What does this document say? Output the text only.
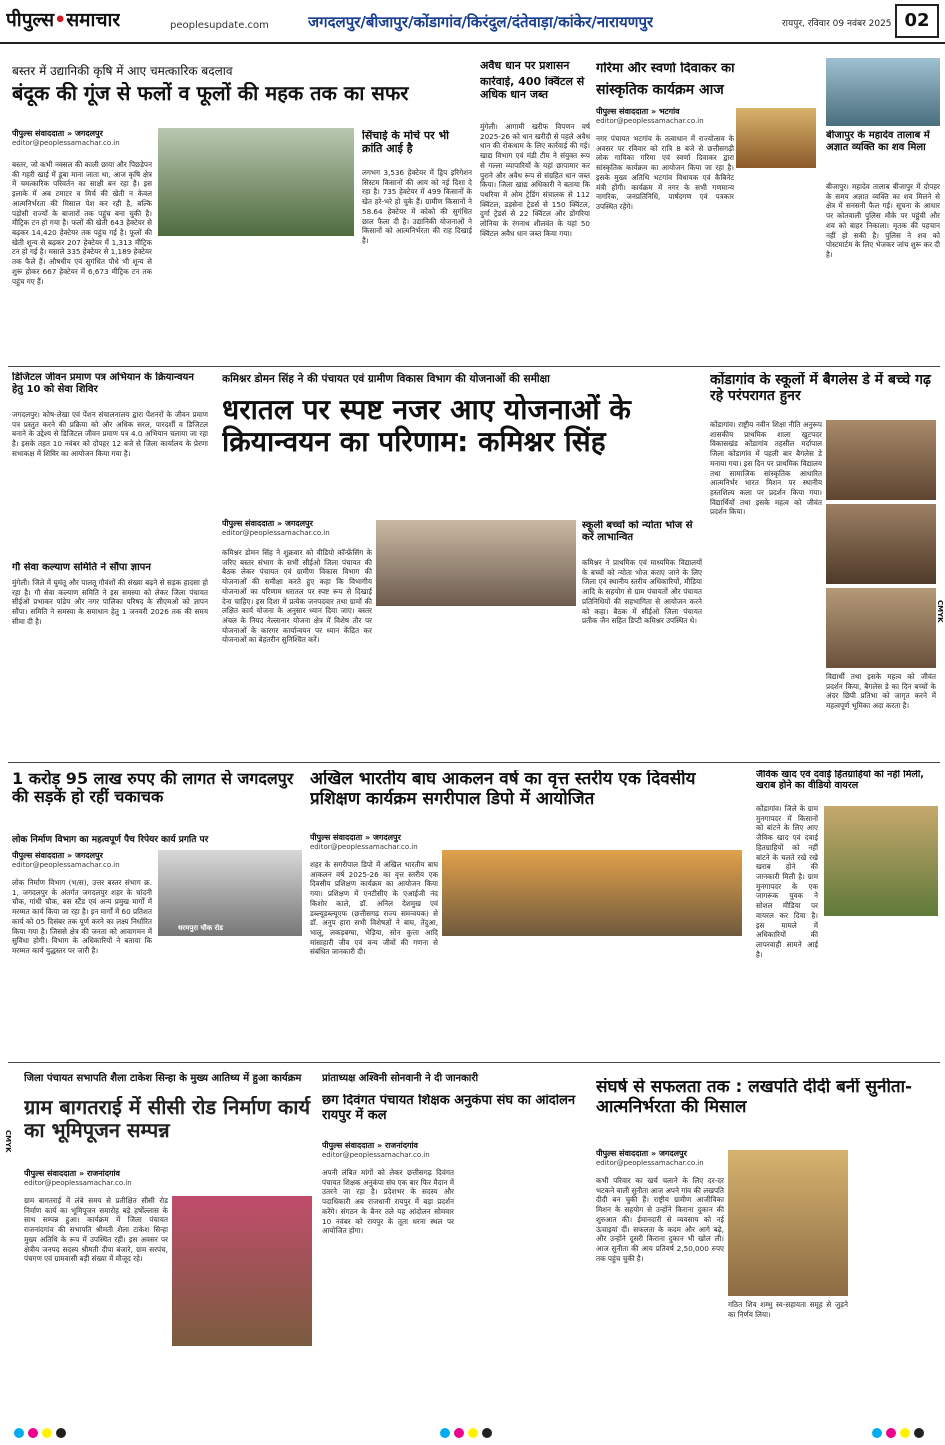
पीपुल्स•समाचार	peoplesupdate.com	जगदलपुर/बीजापुर/कोंडागांव/किरंदुल/दंतेवाड़ा/कांकेर/नारायणपुर	रायपुर, रविवार 09 नवंबर 2025 02
बस्तर में उद्यानिकी कृषि में आए चमत्कारिक बदलाव
बंदूक की गूंज से फलों व फूलों की महक तक का सफर
पीपुल्स संवाददाता » जगदलपुर
editor@peoplessamachar.co.in
बस्तर, जो कभी नक्सल की काली छाया और पिछड़ेपन की गहरी खाई में डूबा माना जाता था, आज कृषि क्षेत्र में चमत्कारिक परिवर्तन का साक्षी बन रहा है। इस इलाके में अब टमाटर व मिर्च की खेती न केवल आत्मनिर्भरता की मिसाल पेश कर रही है, बल्कि पड़ोसी राज्यों के बाजारों तक पहुंच बना चुकी है। मीट्रिक टन हो गया है। फलों की खेती 643 हेक्टेयर से बढ़कर 14,420 हेक्टेयर तक पहुंच गई है। फूलों की खेती शून्य से बढ़कर 207 हेक्टेयर में 1,313 मीट्रिक टन हो गई है। मसाले 335 हेक्टेयर से 1,189 हेक्टेयर तक फैले हैं। औषधीय एवं सुगंधित पौधे भी शून्य से शुरू होकर 667 हेक्टेयर में 6,673 मीट्रिक टन तक पहुंच गए हैं।
सिंचाई के मोर्चे पर भी क्रांति आई है
लगभग 3,536 हेक्टेयर में ड्रिप इरिगेशन सिस्टम किसानों की आय को नई दिशा दे रहा है। 735 हेक्टेयर में 499 किसानों के खेत हरे-भरे हो चुके हैं। ग्रामीण किसानों ने 58.64 हेक्टेयर में कोको की सुगंधित छाल फैला दी है। उद्यानिकी योजनाओं ने किसानों को आत्मनिर्भरता की राह दिखाई है।
अवैध धान पर प्रशासन
कार्रवाई, 400 क्विंटल से अधिक धान जब्त
मुंगेली। आगामी खरीफ विपणन वर्ष 2025-26 को धान खरीदी से पहले अवैध धान की रोकथाम के लिए कार्रवाई की गई। खाद्य विभाग एवं मंडी टीम ने संयुक्त रूप से गल्ला व्यापारियों के यहां छापामार कर पुराने और अवैध रूप से संग्रहित धान जब्त किया। जिला खाद्य अधिकारी ने बताया कि पथरिया में ओम ट्रेडिंग संचालक से 112 क्विंटल, डड़सेना ट्रेडर्स से 150 क्विंटल, दुर्गा ट्रेडर्स से 22 क्विंटल और डोंगरिया लोनिया के रंगनाथ शीलवंत के यहां 50 क्विंटल अवैध धान जब्त किया गया।
गरिमा और स्वर्णा दिवाकर का
सांस्कृतिक कार्यक्रम आज
पीपुल्स संवाददाता » भटगांव
editor@peoplessamachar.co.in
नगर पंचायत भटगांव के तत्वाधान में राज्योत्सव के अवसर पर रविवार को रात्रि 8 बजे से छत्तीसगढ़ी लोक गायिका गरिमा एवं स्वर्णा दिवाकर द्वारा सांस्कृतिक कार्यक्रम का आयोजन किया जा रहा है। इसके मुख्य अतिथि भटगांव विधायक एवं कैबिनेट मंत्री होंगी। कार्यक्रम में नगर के सभी गणमान्य नागरिक, जनप्रतिनिधि, पार्षदगण एवं पत्रकार उपस्थित रहेंगे।
बीजापुर के महादेव तालाब में अज्ञात व्यक्ति का शव मिला
बीजापुर। महादेव तालाब बीजापुर में दोपहर के समय अज्ञात व्यक्ति का शव मिलने से क्षेत्र में सनसनी फैल गई। सूचना के आधार पर कोतवाली पुलिस मौके पर पहुंची और शव को बाहर निकाला। मृतक की पहचान नहीं हो सकी है। पुलिस ने शव को पोस्टमार्टम के लिए भेजकर जांच शुरू कर दी है।
डिजिटल जीवन प्रमाण पत्र अभियान के क्रियान्वयन हेतु 10 को सेवा शिविर
जगदलपुर। कोष-लेखा एवं पेंशन संचालनालय द्वारा पेंशनरों के जीवन प्रमाण पत्र प्रस्तुत करने की प्रक्रिया को और अधिक सरल, पारदर्शी व डिजिटल बनाने के उद्देश्य से डिजिटल जीवन प्रमाण पत्र 4.0 अभियान चलाया जा रहा है। इसके तहत 10 नवंबर को दोपहर 12 बजे से जिला कार्यालय के प्रेरणा सभाकक्ष में शिविर का आयोजन किया गया है।
गौ सेवा कल्याण समिति ने सौंपा ज्ञापन
मुंगेली। जिले में घुमंतू और पालतू गौवंशों की संख्या बढ़ने से सड़क हादसा हो रहा है। गौ सेवा कल्याण समिति ने इस समस्या को लेकर जिला पंचायत सीईओ प्रभाकर पांडेय और नगर पालिका परिषद के सीएमओ को ज्ञापन सौंपा। समिति ने समस्या के समाधान हेतु 1 जनवरी 2026 तक की समय सीमा दी है।
कमिश्नर डोमन सिंह ने की पंचायत एवं ग्रामीण विकास विभाग की योजनाओं की समीक्षा
धरातल पर स्पष्ट नजर आए योजनाओं के क्रियान्वयन का परिणाम: कमिश्नर सिंह
पीपुल्स संवाददाता » जगदलपुर
editor@peoplessamachar.co.in
कमिश्नर डोमन सिंह ने शुक्रवार को वीडियो कॉन्फ्रेंसिंग के जरिए बस्तर संभाग के सभी सीईओ जिला पंचायत की बैठक लेकर पंचायत एवं ग्रामीण विकास विभाग की योजनाओं की समीक्षा करते हुए कहा कि विभागीय योजनाओं का परिणाम धरातल पर स्पष्ट रूप से दिखाई देना चाहिए। इस दिशा में प्रत्येक जनपदवार तथा ग्रामों की लक्षित कार्य योजना के अनुसार ध्यान दिया जाए। बस्तर अंचल के नियद नेल्लानार योजना क्षेत्र में विशेष तौर पर योजनाओं के कारगर कार्यान्वयन पर ध्यान केंद्रित कर योजनाओं का बेहतरीन सुनिश्चित करें।
स्कूली बच्चों को न्योता भोज से करें लाभान्वित
कमिश्नर ने प्राथमिक एवं माध्यमिक विद्यालयों के बच्चों को न्योता भोज कराए जाने के लिए जिला एवं स्थानीय स्तरीय अधिकारियों, मीडिया आदि के सहयोग से ग्राम पंचायतों और पंचायत प्रतिनिधियों की सहभागिता से आयोजन करने को कहा। बैठक में सीईओ जिला पंचायत प्रतीक जैन सहित डिप्टी कमिश्नर उपस्थित थे।
कोंडागांव के स्कूलों में बैगलेस डे में बच्चे गढ़ रहे परंपरागत हुनर
कोंडागांव। राष्ट्रीय नवीन शिक्षा नीति अनुरूप शासकीय प्राथमिक शाला खुटपदर विकासखंड कोंडागांव तहसील मर्दापाल जिला कोंडागांव में पहली बार बैगलेस डे मनाया गया। इस दिन पर प्राथमिक विद्यालय तथा सामाजिक सांस्कृतिक आधारित आत्मनिर्भर भारत मिशन पर स्थानीय हस्तशिल्प कला पर प्रदर्शन किया गया। विद्यार्थियों तथा इसके महत्व को जीवंत प्रदर्शन किया।
विद्यार्थी तथा इसके महत्व को जीवंत प्रदर्शन किया, बैगलेस डे का दिन बच्चों के अंदर छिपी प्रतिभा को जागृत करने में महत्वपूर्ण भूमिका अदा करता है।
1 करोड़ 95 लाख रुपए की लागत से जगदलपुर की सड़कें हो रहीं चकाचक
लोक निर्माण विभाग का महत्वपूर्ण पैच रिपेयर कार्य प्रगति पर
पीपुल्स संवाददाता » जगदलपुर
editor@peoplessamachar.co.in
धरमपुरा चौक रोड
लोक निर्माण विभाग (भ/स), उत्तर बस्तर संभाग क्र. 1, जगदलपुर के अंतर्गत जगदलपुर शहर के चांदनी चौक, गांधी चौक, बस स्टैंड एवं अन्य प्रमुख मार्गों में मरम्मत कार्य किया जा रहा है। इन मार्गों में 60 प्रतिशत कार्य को 05 दिसंबर तक पूर्ण करने का लक्ष्य निर्धारित किया गया है। जिससे क्षेत्र की जनता को आवागमन में सुविधा होगी। विभाग के अधिकारियों ने बताया कि मरम्मत कार्य युद्धस्तर पर जारी है।
अखिल भारतीय बाघ आकलन वर्ष का वृत्त स्तरीय एक दिवसीय प्रशिक्षण कार्यक्रम सगरीपाल डिपो में आयोजित
पीपुल्स संवाददाता » जगदलपुर
editor@peoplessamachar.co.in
शहर के सगरीपाल डिपो में अखिल भारतीय बाघ आकलन वर्ष 2025-26 का वृत्त स्तरीय एक दिवसीय प्रशिक्षण कार्यक्रम का आयोजन किया गया। प्रशिक्षण में एनटीसीए के एआईजी नंद किशोर काले, डॉ. अनिल देशमुख एवं डब्ल्यूडब्ल्यूएफ (छत्तीसगढ़ राज्य समन्वयक) से डॉ. अनुप हारा सभी विशेषज्ञों ने बाघ, तेंदुआ, भालू, लकड़बग्घा, भेड़िया, सोन कुत्ता आदि मांसाहारी जीव एवं वन्य जीवों की गणना से संबंधित जानकारी दी।
जैविक खाद एवं दवाई हितग्राहियों को नहीं मिली, खराब होने का वीडियो वायरल
कोंडागांव। जिले के ग्राम मुनगापदर में किसानों को बांटने के लिए आए जैविक खाद एवं दवाई हितग्राहियों को नहीं बांटने के चलते रखे रखे खराब होने की जानकारी मिली है। ग्राम मुनगापदर के एक जागरूक युवक ने सोशल मीडिया पर वायरल कर दिया है। इस मामले में अधिकारियों की लापरवाही सामने आई है।
जिला पंचायत सभापति शैला टाकेश सिन्हा के मुख्य आतिथ्य में हुआ कार्यक्रम
ग्राम बागतराई में सीसी रोड निर्माण कार्य का भूमिपूजन सम्पन्न
पीपुल्स संवाददाता » राजनांदगांव
editor@peoplessamachar.co.in
ग्राम बागतराई में लंबे समय से प्रतीक्षित सीसी रोड निर्माण कार्य का भूमिपूजन समारोह बड़े हर्षोल्लास के साथ सम्पन्न हुआ। कार्यक्रम में जिला पंचायत राजनांदगांव की सभापति श्रीमती शैला टाकेश सिन्हा मुख्य अतिथि के रूप में उपस्थित रहीं। इस अवसर पर क्षेत्रीय जनपद सदस्य श्रीमती दीपा बंजारे, ग्राम सरपंच, पंचगण एवं ग्रामवासी बड़ी संख्या में मौजूद रहे।
प्रांताध्यक्ष अश्विनी सोनवानी ने दी जानकारी
छग दिवंगत पंचायत शिक्षक अनुकंपा संघ का आंदोलन रायपुर में कल
पीपुल्स संवाददाता » राजनांदगांव
editor@peoplessamachar.co.in
अपनी लंबित मांगों को लेकर छत्तीसगढ़ दिवंगत पंचायत शिक्षक अनुकंपा संघ एक बार फिर मैदान में उतरने जा रहा है। प्रदेशभर के सदस्य और पदाधिकारी अब राजधानी रायपुर में बड़ा प्रदर्शन करेंगे। संगठन के बैनर तले यह आंदोलन सोमवार 10 नवंबर को रायपुर के तूता धरना स्थल पर आयोजित होगा।
संघर्ष से सफलता तक : लखपति दीदी बनीं सुनीता-आत्मनिर्भरता की मिसाल
पीपुल्स संवाददाता » जगदलपुर
editor@peoplessamachar.co.in
कभी परिवार का खर्च चलाने के लिए दर-दर भटकने वाली सुनीता आज अपने गांव की लखपति दीदी बन चुकी हैं। राष्ट्रीय ग्रामीण आजीविका मिशन के सहयोग से उन्होंने किराना दुकान की शुरुआत की। ईमानदारी से व्यवसाय को नई ऊंचाइयां दीं। सफलता के कदम और आगे बढ़े, और उन्होंने दूसरी किराना दुकान भी खोल ली। आज सुनीता की आय प्रतिवर्ष 2,50,000 रुपए तक पहुंच चुकी है।
गठित शिव शम्भु स्व-सहायता समूह से जुड़ने का निर्णय लिया।
CMYK
CMYK
